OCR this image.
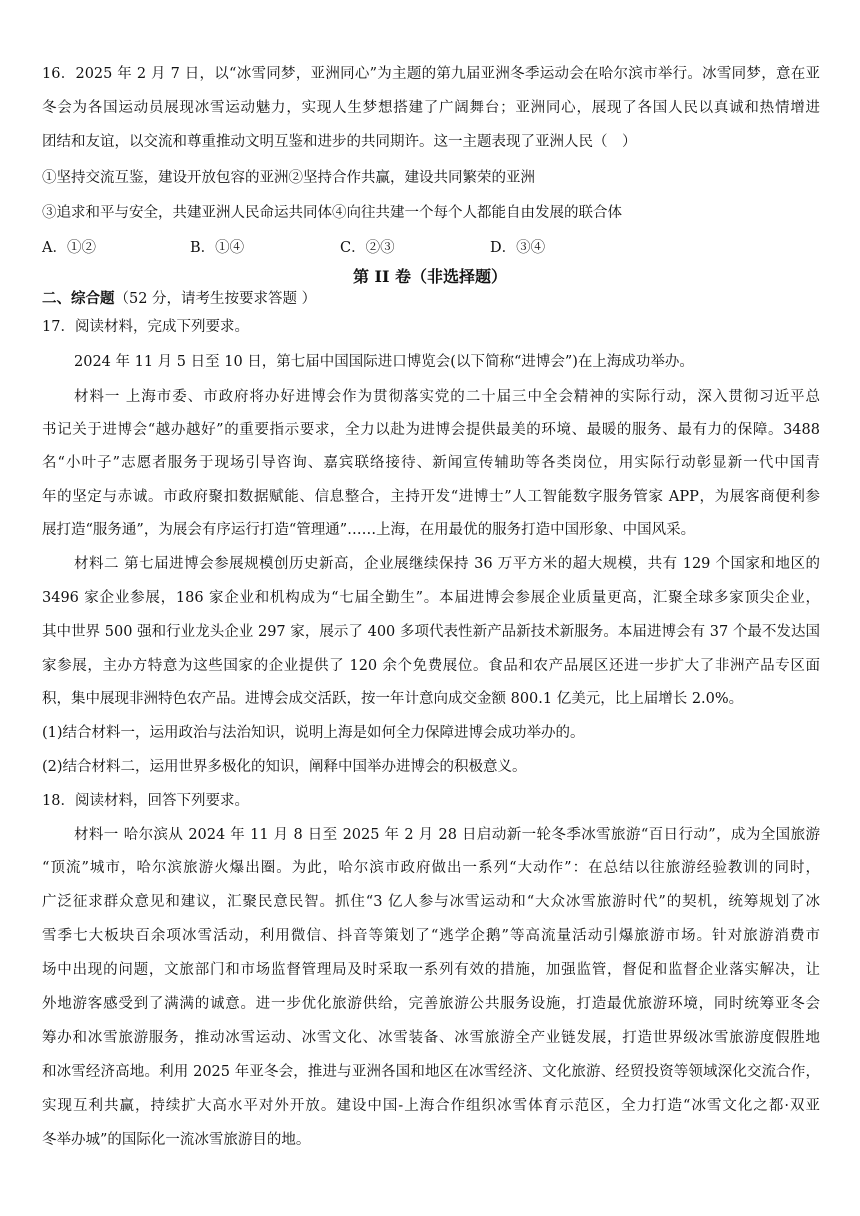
16．2025 年 2 月 7 日，以“冰雪同梦，亚洲同心”为主题的第九届亚洲冬季运动会在哈尔滨市举行。冰雪同梦，意在亚
冬会为各国运动员展现冰雪运动魅力，实现人生梦想搭建了广阔舞台；亚洲同心，展现了各国人民以真诚和热情增进
团结和友谊，以交流和尊重推动文明互鉴和进步的共同期许。这一主题表现了亚洲人民（　）
①坚持交流互鉴，建设开放包容的亚洲②坚持合作共赢，建设共同繁荣的亚洲
③追求和平与安全，共建亚洲人民命运共同体④向往共建一个每个人都能自由发展的联合体
A．①②	B．①④	C．②③	D．③④
第 II 卷（非选择题）
二、综合题（52 分，请考生按要求答题 ）
17．阅读材料，完成下列要求。
2024 年 11 月 5 日至 10 日，第七届中国国际进口博览会(以下简称“进博会”)在上海成功举办。
材料一 上海市委、市政府将办好进博会作为贯彻落实党的二十届三中全会精神的实际行动，深入贯彻习近平总
书记关于进博会“越办越好”的重要指示要求，全力以赴为进博会提供最美的环境、最暖的服务、最有力的保障。3488
名“小叶子”志愿者服务于现场引导咨询、嘉宾联络接待、新闻宣传辅助等各类岗位，用实际行动彰显新一代中国青
年的坚定与赤诚。市政府聚扣数据赋能、信息整合，主持开发“进博士”人工智能数字服务管家 APP，为展客商便利参
展打造“服务通”，为展会有序运行打造“管理通”……上海，在用最优的服务打造中国形象、中国风采。
材料二 第七届进博会参展规模创历史新高，企业展继续保持 36 万平方米的超大规模，共有 129 个国家和地区的
3496 家企业参展，186 家企业和机构成为“七届全勤生”。本届进博会参展企业质量更高，汇聚全球多家顶尖企业，
其中世界 500 强和行业龙头企业 297 家，展示了 400 多项代表性新产品新技术新服务。本届进博会有 37 个最不发达国
家参展，主办方特意为这些国家的企业提供了 120 余个免费展位。食品和农产品展区还进一步扩大了非洲产品专区面
积，集中展现非洲特色农产品。进博会成交活跃，按一年计意向成交金额 800.1 亿美元，比上届增长 2.0%。
(1)结合材料一，运用政治与法治知识，说明上海是如何全力保障进博会成功举办的。
(2)结合材料二，运用世界多极化的知识，阐释中国举办进博会的积极意义。
18．阅读材料，回答下列要求。
材料一 哈尔滨从 2024 年 11 月 8 日至 2025 年 2 月 28 日启动新一轮冬季冰雪旅游“百日行动”，成为全国旅游
“顶流”城市，哈尔滨旅游火爆出圈。为此，哈尔滨市政府做出一系列“大动作”：在总结以往旅游经验教训的同时，
广泛征求群众意见和建议，汇聚民意民智。抓住“3 亿人参与冰雪运动和“大众冰雪旅游时代”的契机，统筹规划了冰
雪季七大板块百余项冰雪活动，利用微信、抖音等策划了“逃学企鹅”等高流量活动引爆旅游市场。针对旅游消费市
场中出现的问题，文旅部门和市场监督管理局及时采取一系列有效的措施，加强监管，督促和监督企业落实解决，让
外地游客感受到了满满的诚意。进一步优化旅游供给，完善旅游公共服务设施，打造最优旅游环境，同时统筹亚冬会
筹办和冰雪旅游服务，推动冰雪运动、冰雪文化、冰雪装备、冰雪旅游全产业链发展，打造世界级冰雪旅游度假胜地
和冰雪经济高地。利用 2025 年亚冬会，推进与亚洲各国和地区在冰雪经济、文化旅游、经贸投资等领域深化交流合作，
实现互利共赢，持续扩大高水平对外开放。建设中国-上海合作组织冰雪体育示范区，全力打造“冰雪文化之都·双亚
冬举办城”的国际化一流冰雪旅游目的地。
